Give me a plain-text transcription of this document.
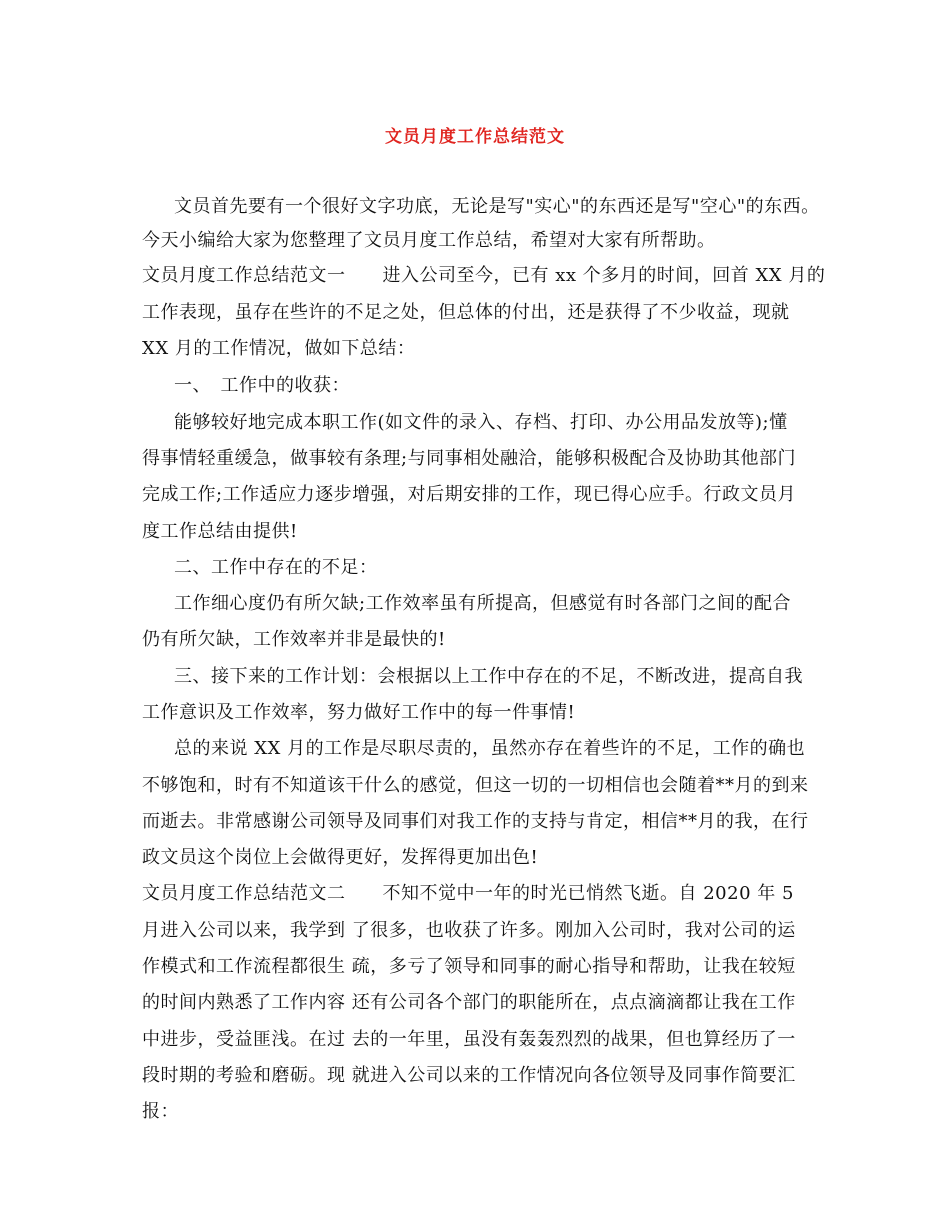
文员月度工作总结范文
文员首先要有一个很好文字功底，无论是写"实心"的东西还是写"空心"的东西。
今天小编给大家为您整理了文员月度工作总结，希望对大家有所帮助。
文员月度工作总结范文一　　进入公司至今，已有 xx 个多月的时间，回首 XX 月的
工作表现，虽存在些许的不足之处，但总体的付出，还是获得了不少收益，现就
XX 月的工作情况，做如下总结：
一、　工作中的收获：
能够较好地完成本职工作(如文件的录入、存档、打印、办公用品发放等);懂
得事情轻重缓急，做事较有条理;与同事相处融洽，能够积极配合及协助其他部门
完成工作;工作适应力逐步增强，对后期安排的工作，现已得心应手。行政文员月
度工作总结由提供!
二、工作中存在的不足：
工作细心度仍有所欠缺;工作效率虽有所提高，但感觉有时各部门之间的配合
仍有所欠缺，工作效率并非是最快的!
三、接下来的工作计划：会根据以上工作中存在的不足，不断改进，提高自我
工作意识及工作效率，努力做好工作中的每一件事情!
总的来说 XX 月的工作是尽职尽责的，虽然亦存在着些许的不足，工作的确也
不够饱和，时有不知道该干什么的感觉，但这一切的一切相信也会随着**月的到来
而逝去。非常感谢公司领导及同事们对我工作的支持与肯定，相信**月的我，在行
政文员这个岗位上会做得更好，发挥得更加出色!
文员月度工作总结范文二　　不知不觉中一年的时光已悄然飞逝。自 2020 年 5
月进入公司以来，我学到 了很多，也收获了许多。刚加入公司时，我对公司的运
作模式和工作流程都很生 疏，多亏了领导和同事的耐心指导和帮助，让我在较短
的时间内熟悉了工作内容 还有公司各个部门的职能所在，点点滴滴都让我在工作
中进步，受益匪浅。在过 去的一年里，虽没有轰轰烈烈的战果，但也算经历了一
段时期的考验和磨砺。现 就进入公司以来的工作情况向各位领导及同事作简要汇
报：
